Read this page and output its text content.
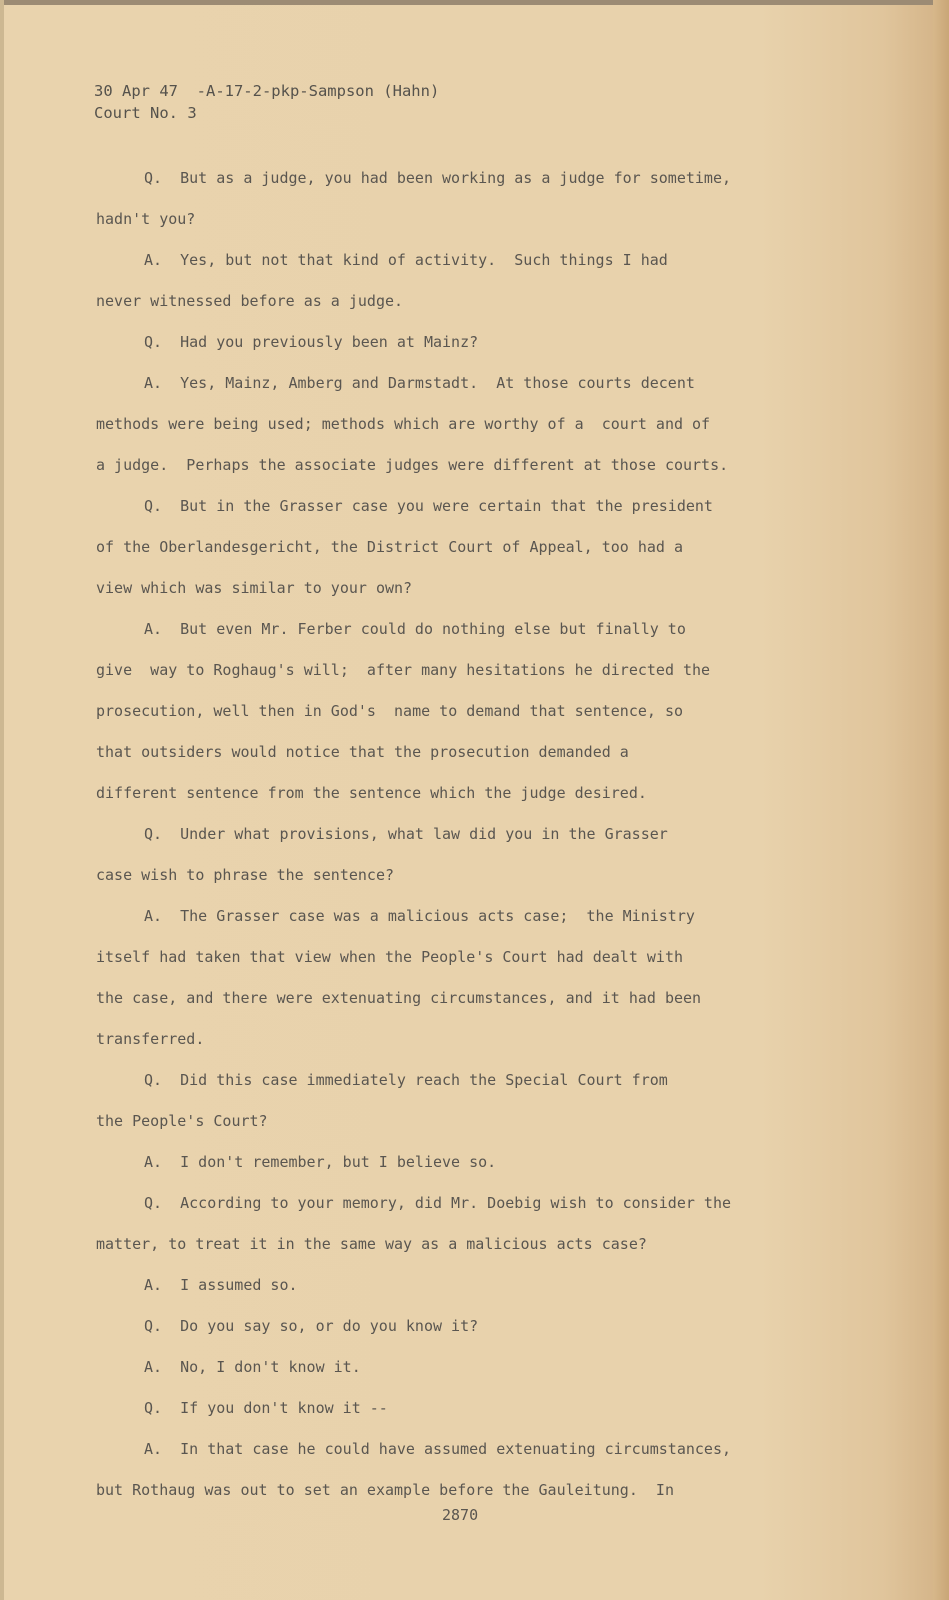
30 Apr 47  -A-17-2-pkp-Sampson (Hahn)
Court No. 3

Q.  But as a judge, you had been working as a judge for sometime,

hadn't you?

A.  Yes, but not that kind of activity.  Such things I had

never witnessed before as a judge.

Q.  Had you previously been at Mainz?

A.  Yes, Mainz, Amberg and Darmstadt.  At those courts decent

methods were being used; methods which are worthy of a  court and of

a judge.  Perhaps the associate judges were different at those courts.

Q.  But in the Grasser case you were certain that the president

of the Oberlandesgericht, the District Court of Appeal, too had a

view which was similar to your own?

A.  But even Mr. Ferber could do nothing else but finally to

give  way to Roghaug's will;  after many hesitations he directed the

prosecution, well then in God's  name to demand that sentence, so

that outsiders would notice that the prosecution demanded a

different sentence from the sentence which the judge desired.

Q.  Under what provisions, what law did you in the Grasser

case wish to phrase the sentence?

A.  The Grasser case was a malicious acts case;  the Ministry

itself had taken that view when the People's Court had dealt with

the case, and there were extenuating circumstances, and it had been

transferred.

Q.  Did this case immediately reach the Special Court from

the People's Court?

A.  I don't remember, but I believe so.

Q.  According to your memory, did Mr. Doebig wish to consider the

matter, to treat it in the same way as a malicious acts case?

A.  I assumed so.

Q.  Do you say so, or do you know it?

A.  No, I don't know it.

Q.  If you don't know it --

A.  In that case he could have assumed extenuating circumstances,

but Rothaug was out to set an example before the Gauleitung.  In

2870
